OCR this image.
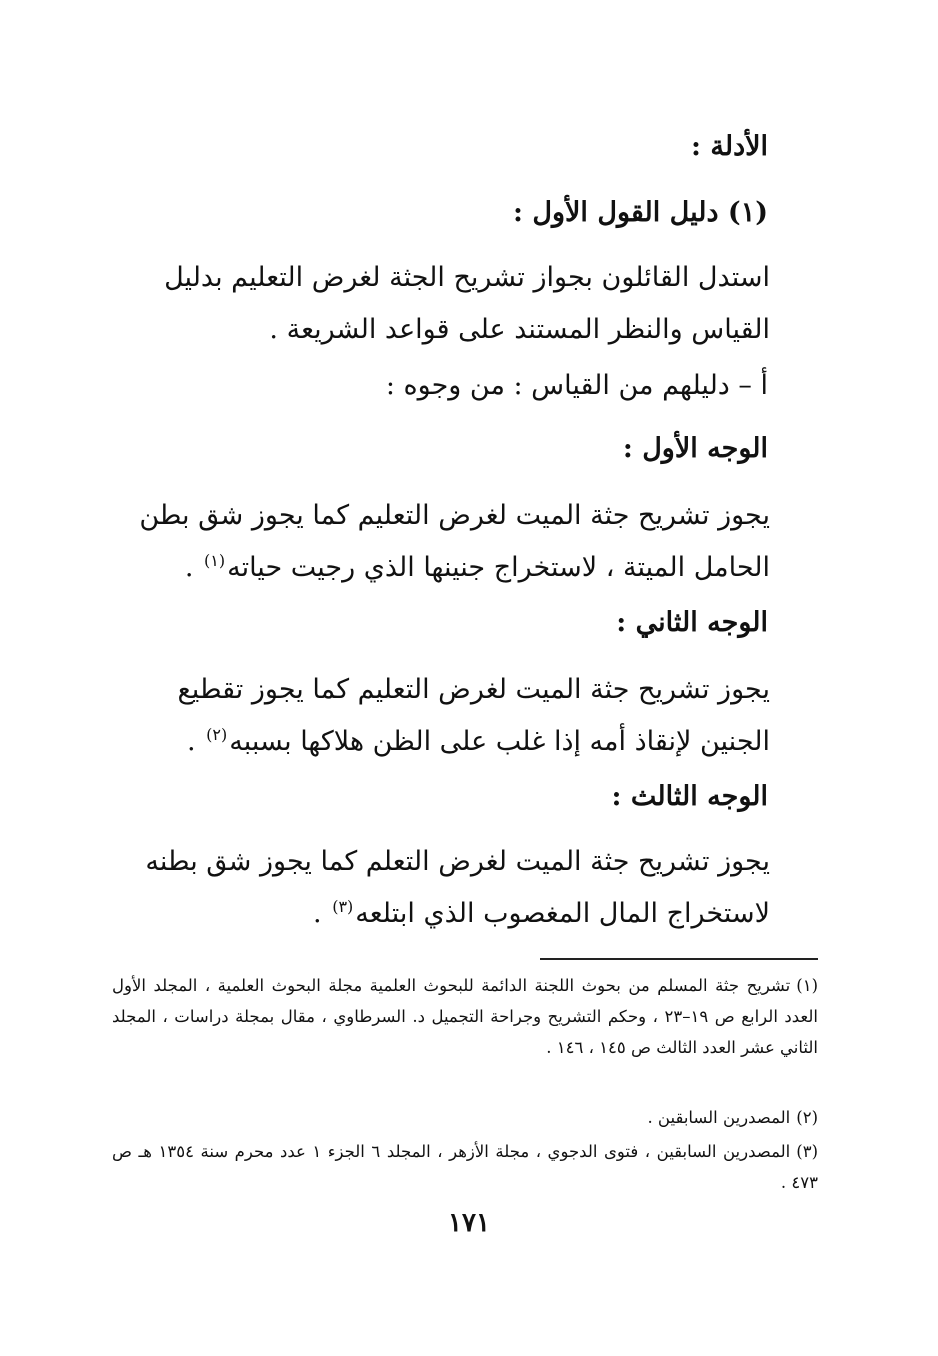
الأدلة :
(١) دليل القول الأول :
استدل القائلون بجواز تشريح الجثة لغرض التعليم بدليل القياس والنظر المستند على قواعد الشريعة .
أ – دليلهم من القياس : من وجوه :
الوجه الأول :
يجوز تشريح جثة الميت لغرض التعليم كما يجوز شق بطن الحامل الميتة ، لاستخراج جنينها الذي رجيت حياته$^{(١)}$ .
الوجه الثاني :
يجوز تشريح جثة الميت لغرض التعليم كما يجوز تقطيع الجنين لإنقاذ أمه إذا غلب على الظن هلاكها بسببه$^{(٢)}$ .
الوجه الثالث :
يجوز تشريح جثة الميت لغرض التعلم كما يجوز شق بطنه لاستخراج المال المغصوب الذي ابتلعه$^{(٣)}$ .
(١)تشريح جثة المسلم من بحوث اللجنة الدائمة للبحوث العلمية مجلة البحوث العلمية ، المجلد الأول العدد الرابع ص ١٩–٢٣ ، وحكم التشريح وجراحة التجميل د. السرطاوي ، مقال بمجلة دراسات ، المجلد الثاني عشر العدد الثالث ص ١٤٥ ، ١٤٦ .
(٢)المصدرين السابقين .
(٣)المصدرين السابقين ، فتوى الدجوي ، مجلة الأزهر ، المجلد ٦ الجزء ١ عدد محرم سنة ١٣٥٤ هـ ص ٤٧٣ .
١٧١
